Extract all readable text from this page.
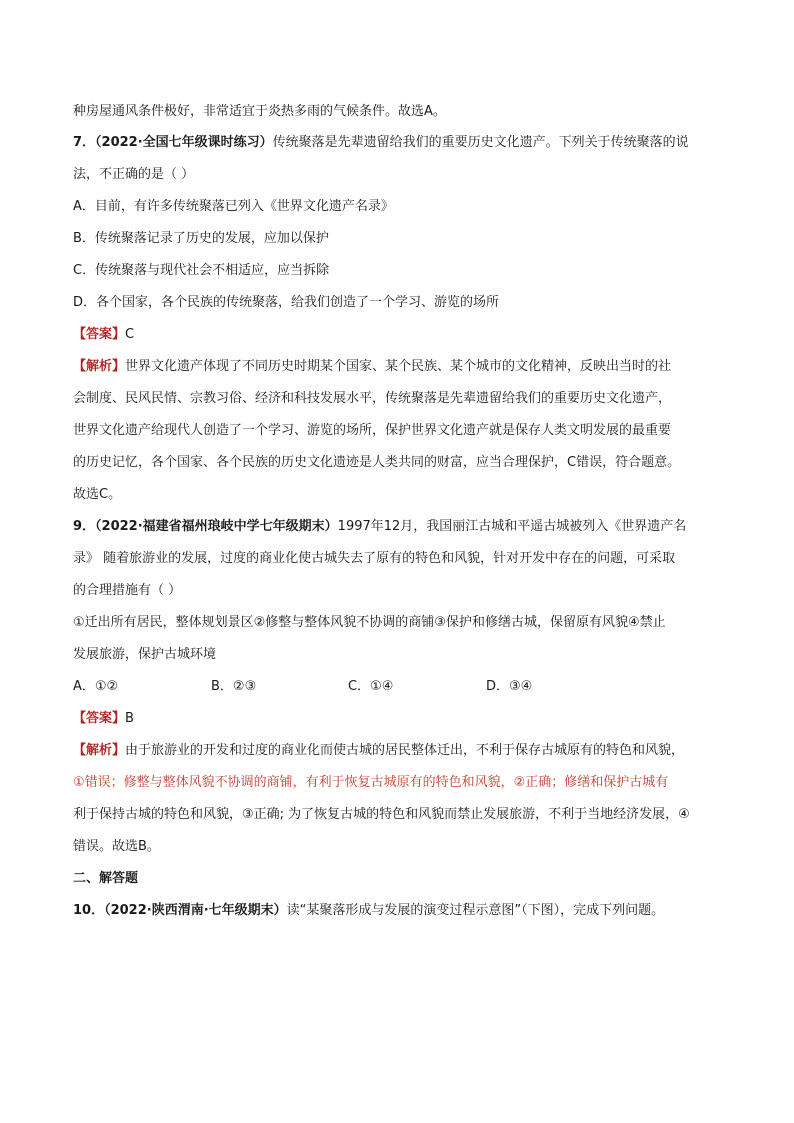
种房屋通风条件极好，非常适宜于炎热多雨的气候条件。故选A。
7．（2022·全国七年级课时练习）传统聚落是先辈遗留给我们的重要历史文化遗产。下列关于传统聚落的说
法，不正确的是（ ）
A．目前，有许多传统聚落已列入《世界文化遗产名录》
B．传统聚落记录了历史的发展，应加以保护
C．传统聚落与现代社会不相适应，应当拆除
D．各个国家，各个民族的传统聚落，给我们创造了一个学习、游览的场所
【答案】C
【解析】世界文化遗产体现了不同历史时期某个国家、某个民族、某个城市的文化精神，反映出当时的社
会制度、民风民情、宗教习俗、经济和科技发展水平，传统聚落是先辈遗留给我们的重要历史文化遗产，
世界文化遗产给现代人创造了一个学习、游览的场所，保护世界文化遗产就是保存人类文明发展的最重要
的历史记忆，各个国家、各个民族的历史文化遗迹是人类共同的财富，应当合理保护，C错误，符合题意。
故选C。
9．（2022·福建省福州琅岐中学七年级期末）1997年12月，我国丽江古城和平遥古城被列入《世界遗产名
录》 随着旅游业的发展，过度的商业化使古城失去了原有的特色和风貌，针对开发中存在的问题，可采取
的合理措施有（ ）
①迁出所有居民，整体规划景区②修整与整体风貌不协调的商铺③保护和修缮古城，保留原有风貌④禁止
发展旅游，保护古城环境
A．①②	B．②③	C．①④	D．③④
【答案】B
【解析】由于旅游业的开发和过度的商业化而使古城的居民整体迁出，不利于保存古城原有的特色和风貌，
①错误；修整与整体风貌不协调的商铺，有利于恢复古城原有的特色和风貌，②正确；修缮和保护古城有
利于保持古城的特色和风貌，③正确; 为了恢复古城的特色和风貌而禁止发展旅游，不利于当地经济发展，④
错误。故选B。
二、解答题
10．（2022·陕西渭南·七年级期末）读“某聚落形成与发展的演变过程示意图”（下图），完成下列问题。
